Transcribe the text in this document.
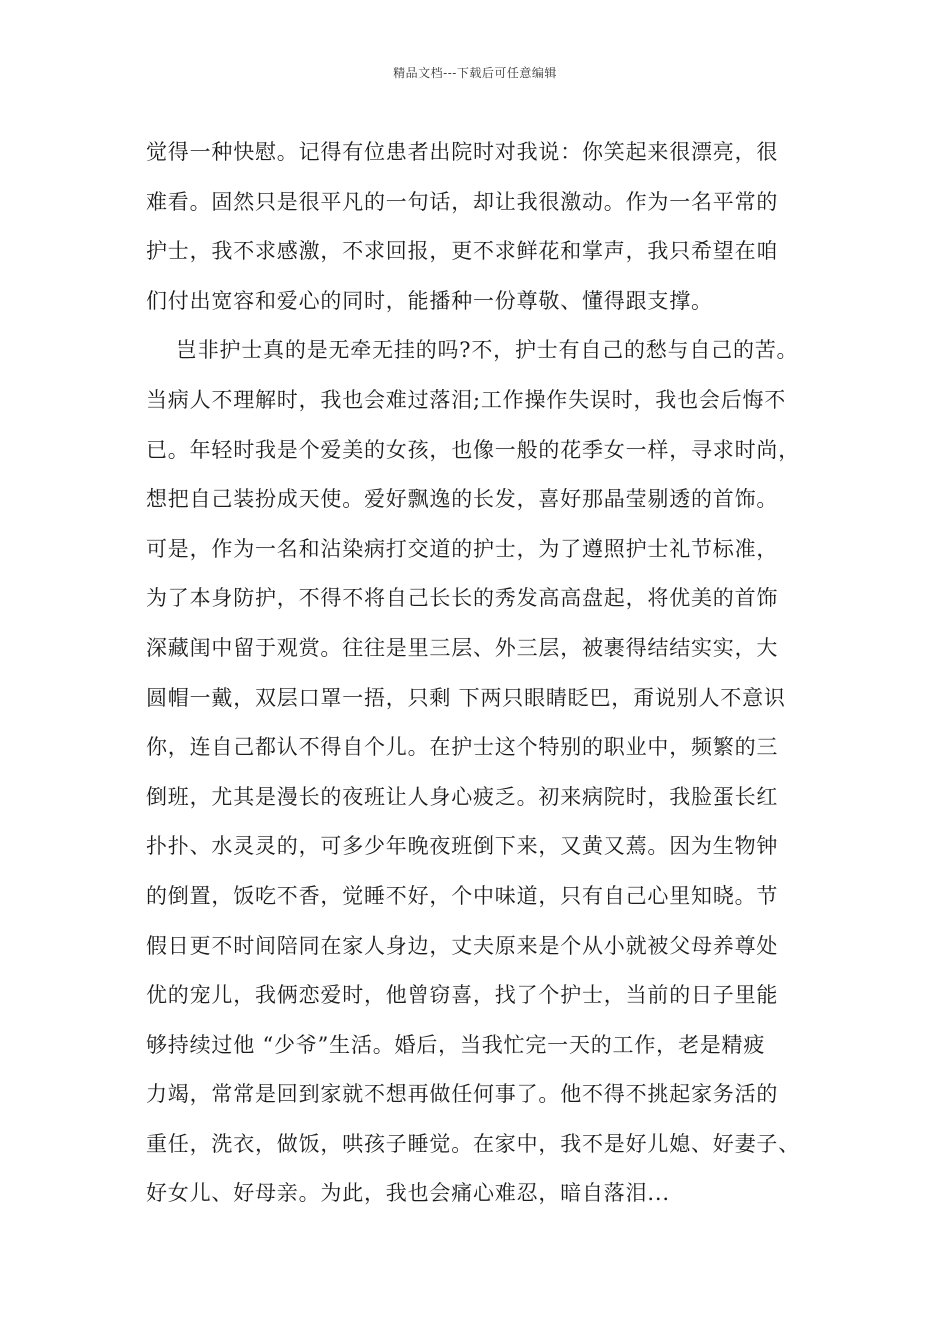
精品文档---下载后可任意编辑
觉得一种快慰。记得有位患者出院时对我说：你笑起来很漂亮，很
难看。固然只是很平凡的一句话，却让我很激动。作为一名平常的
护士，我不求感激，不求回报，更不求鲜花和掌声，我只希望在咱
们付出宽容和爱心的同时，能播种一份尊敬、懂得跟支撑。
岂非护士真的是无牵无挂的吗?不，护士有自己的愁与自己的苦。
当病人不理解时，我也会难过落泪;工作操作失误时，我也会后悔不
已。年轻时我是个爱美的女孩，也像一般的花季女一样，寻求时尚，
想把自己装扮成天使。爱好飘逸的长发，喜好那晶莹剔透的首饰。
可是，作为一名和沾染病打交道的护士，为了遵照护士礼节标准，
为了本身防护，不得不将自己长长的秀发高高盘起，将优美的首饰
深藏闺中留于观赏。往往是里三层、外三层，被裹得结结实实，大
圆帽一戴，双层口罩一捂，只剩 下两只眼睛眨巴，甭说别人不意识
你，连自己都认不得自个儿。在护士这个特别的职业中，频繁的三
倒班，尤其是漫长的夜班让人身心疲乏。初来病院时，我脸蛋长红
扑扑、水灵灵的，可多少年晚夜班倒下来，又黄又蔫。因为生物钟
的倒置，饭吃不香，觉睡不好，个中味道，只有自己心里知晓。节
假日更不时间陪同在家人身边，丈夫原来是个从小就被父母养尊处
优的宠儿，我俩恋爱时，他曾窃喜，找了个护士，当前的日子里能
够持续过他 “少爷”生活。婚后，当我忙完一天的工作，老是精疲
力竭，常常是回到家就不想再做任何事了。他不得不挑起家务活的
重任，洗衣，做饭，哄孩子睡觉。在家中，我不是好儿媳、好妻子、
好女儿、好母亲。为此，我也会痛心难忍，暗自落泪...
